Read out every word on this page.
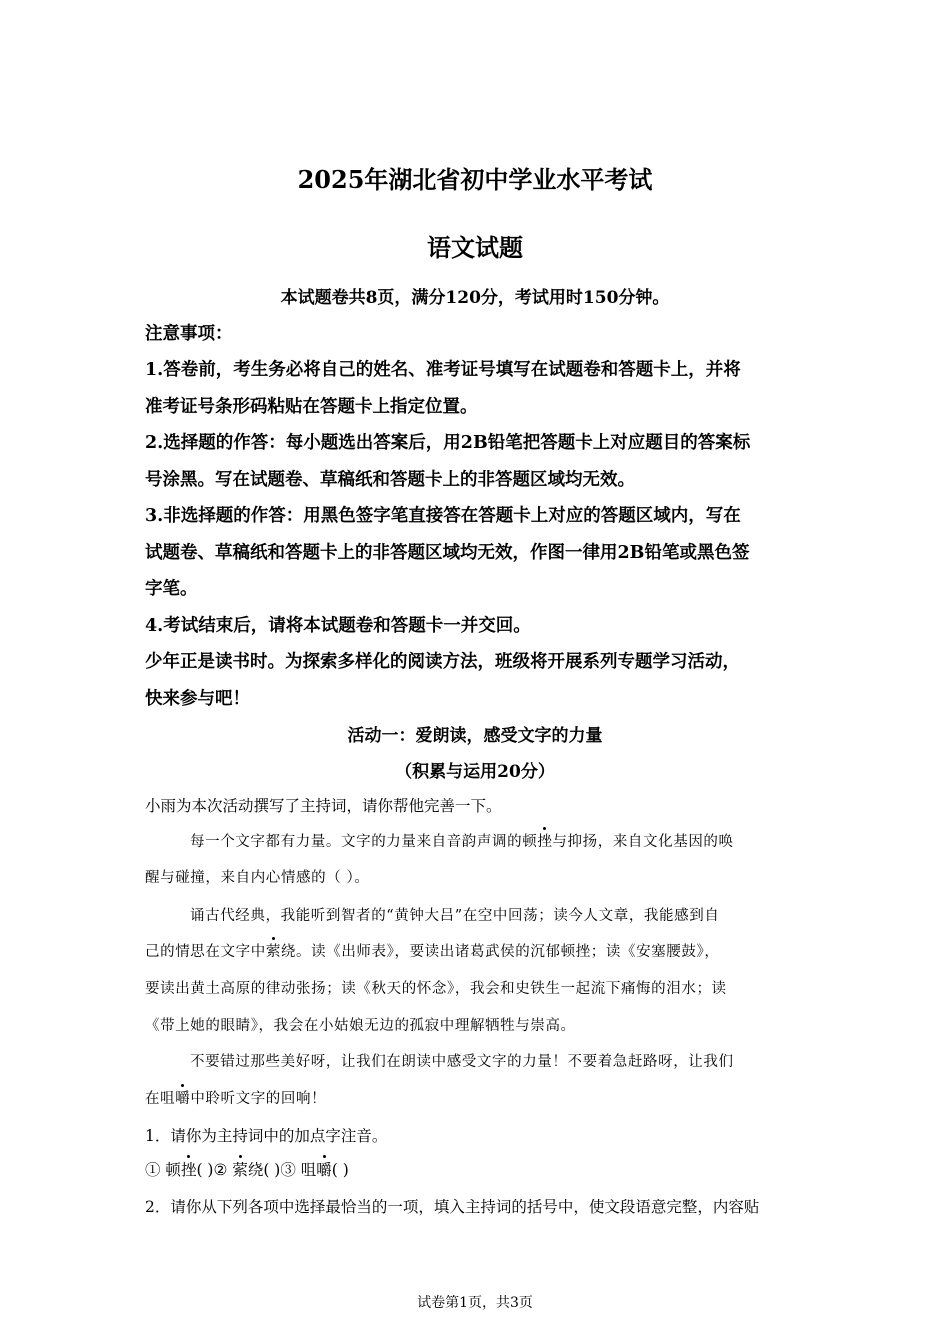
2025年湖北省初中学业水平考试
语文试题
本试题卷共8页，满分120分，考试用时150分钟。
注意事项：
1.答卷前，考生务必将自己的姓名、准考证号填写在试题卷和答题卡上，并将
准考证号条形码粘贴在答题卡上指定位置。
2.选择题的作答：每小题选出答案后，用2B铅笔把答题卡上对应题目的答案标
号涂黑。写在试题卷、草稿纸和答题卡上的非答题区域均无效。
3.非选择题的作答：用黑色签字笔直接答在答题卡上对应的答题区域内，写在
试题卷、草稿纸和答题卡上的非答题区域均无效，作图一律用2B铅笔或黑色签
字笔。
4.考试结束后，请将本试题卷和答题卡一并交回。
少年正是读书时。为探索多样化的阅读方法，班级将开展系列专题学习活动，
快来参与吧！
活动一：爱朗读，感受文字的力量
（积累与运用20分）
小雨为本次活动撰写了主持词，请你帮他完善一下。
每一个文字都有力量。文字的力量来自音韵声调的顿挫与抑扬，来自文化基因的唤
醒与碰撞，来自内心情感的（ ）。
诵古代经典，我能听到智者的“黄钟大吕”在空中回荡；读今人文章，我能感到自
己的情思在文字中萦绕。读《出师表》，要读出诸葛武侯的沉郁顿挫；读《安塞腰鼓》，
要读出黄土高原的律动张扬；读《秋天的怀念》，我会和史铁生一起流下痛悔的泪水；读
《带上她的眼睛》，我会在小姑娘无边的孤寂中理解牺牲与崇高。
不要错过那些美好呀，让我们在朗读中感受文字的力量！不要着急赶路呀，让我们
在咀嚼中聆听文字的回响！
1．请你为主持词中的加点字注音。
① 顿挫( )② 萦绕( )③ 咀嚼( )
2．请你从下列各项中选择最恰当的一项，填入主持词的括号中，使文段语意完整，内容贴
试卷第1页，共3页
